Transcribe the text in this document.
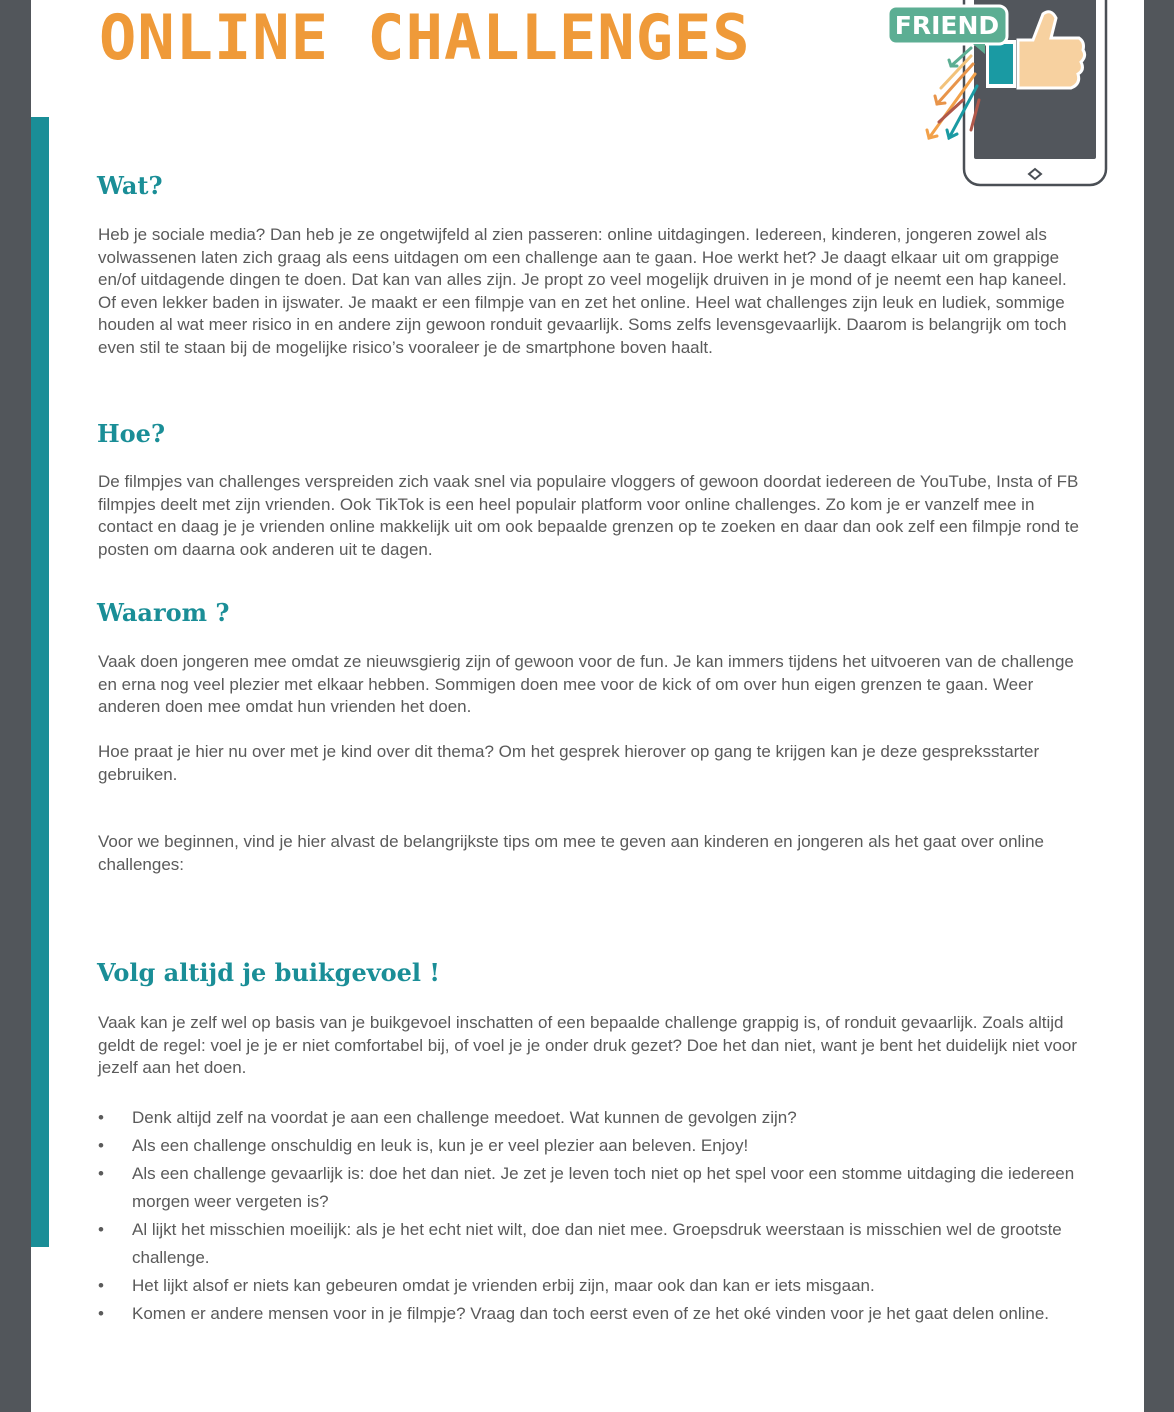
ONLINE CHALLENGES	FRIEND
Wat?

Heb je sociale media? Dan heb je ze ongetwijfeld al zien passeren: online uitdagingen. Iedereen, kinderen, jongeren zowel als volwassenen laten zich graag als eens uitdagen om een challenge aan te gaan. Hoe werkt het? Je daagt elkaar uit om grappige en/of uitdagende dingen te doen. Dat kan van alles zijn. Je propt zo veel mogelijk druiven in je mond of je neemt een hap kaneel. Of even lekker baden in ijswater. Je maakt er een filmpje van en zet het online. Heel wat challenges zijn leuk en ludiek, sommige houden al wat meer risico in en andere zijn gewoon ronduit gevaarlijk. Soms zelfs levensgevaarlijk. Daarom is belangrijk om toch even stil te staan bij de mogelijke risico’s vooraleer je de smartphone boven haalt.

Hoe?

De filmpjes van challenges verspreiden zich vaak snel via populaire vloggers of gewoon doordat iedereen de YouTube, Insta of FB filmpjes deelt met zijn vrienden. Ook TikTok is een heel populair platform voor online challenges. Zo kom je er vanzelf mee in contact en daag je je vrienden online makkelijk uit om ook bepaalde grenzen op te zoeken en daar dan ook zelf een filmpje rond te posten om daarna ook anderen uit te dagen.

Waarom ?

Vaak doen jongeren mee omdat ze nieuwsgierig zijn of gewoon voor de fun. Je kan immers tijdens het uitvoeren van de challenge en erna nog veel plezier met elkaar hebben. Sommigen doen mee voor de kick of om over hun eigen grenzen te gaan. Weer anderen doen mee omdat hun vrienden het doen.

Hoe praat je hier nu over met je kind over dit thema? Om het gesprek hierover op gang te krijgen kan je deze gespreksstarter gebruiken.

Voor we beginnen, vind je hier alvast de belangrijkste tips om mee te geven aan kinderen en jongeren als het gaat over online challenges:

Volg altijd je buikgevoel !

Vaak kan je zelf wel op basis van je buikgevoel inschatten of een bepaalde challenge grappig is, of ronduit gevaarlijk. Zoals altijd geldt de regel: voel je je er niet comfortabel bij, of voel je je onder druk gezet? Doe het dan niet, want je bent het duidelijk niet voor jezelf aan het doen.

• Denk altijd zelf na voordat je aan een challenge meedoet. Wat kunnen de gevolgen zijn?
• Als een challenge onschuldig en leuk is, kun je er veel plezier aan beleven. Enjoy!
• Als een challenge gevaarlijk is: doe het dan niet. Je zet je leven toch niet op het spel voor een stomme uitdaging die iedereen morgen weer vergeten is?
• Al lijkt het misschien moeilijk: als je het echt niet wilt, doe dan niet mee. Groepsdruk weerstaan is misschien wel de grootste challenge.
• Het lijkt alsof er niets kan gebeuren omdat je vrienden erbij zijn, maar ook dan kan er iets misgaan.
• Komen er andere mensen voor in je filmpje? Vraag dan toch eerst even of ze het oké vinden voor je het gaat delen online.
